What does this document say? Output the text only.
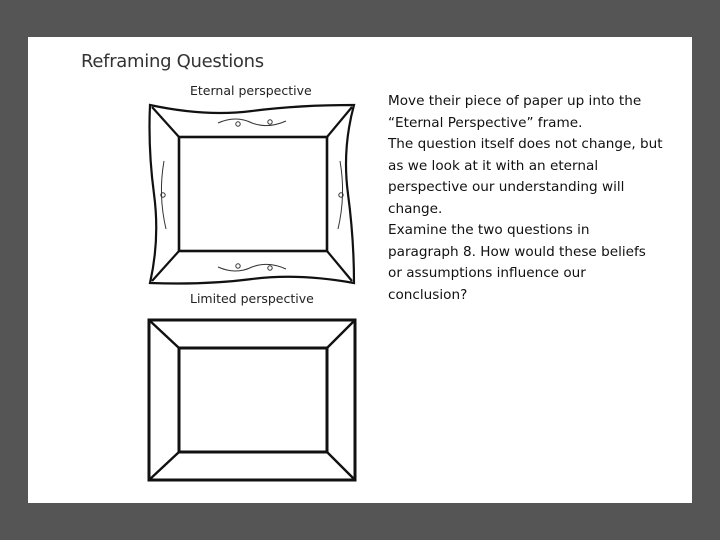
Reframing Questions
Eternal perspective
Limited perspective
Move their piece of paper up into the
“Eternal Perspective” frame.
The question itself does not change, but
as we look at it with an eternal
perspective our understanding will
change.
Examine the two questions in
paragraph 8. How would these beliefs
or assumptions influence our
conclusion?
